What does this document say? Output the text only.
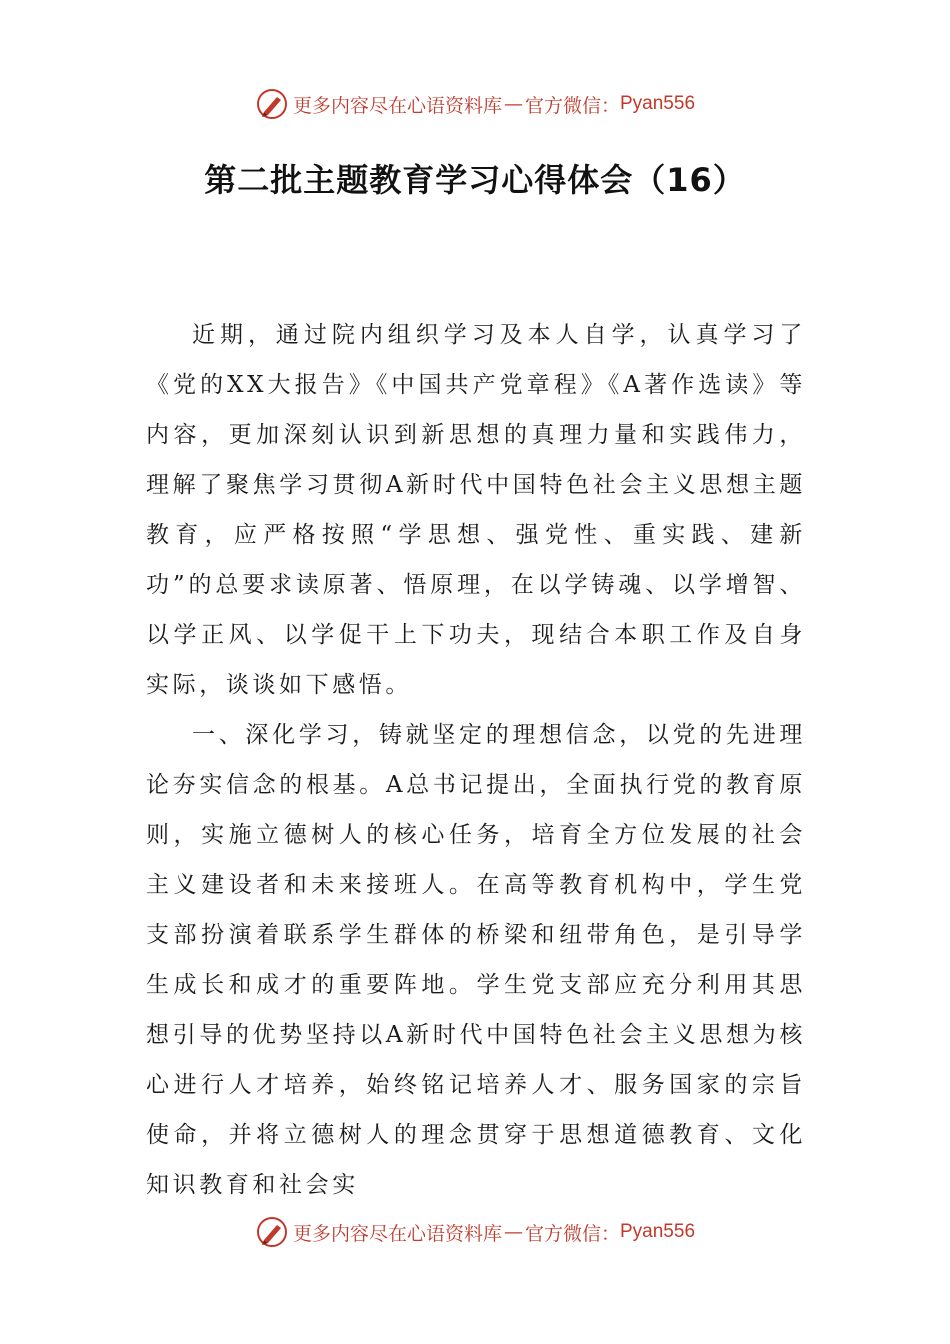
更多内容尽在心语资料库 — 官方微信： Pyan556
第二批主题教育学习心得体会（16）

近期，通过院内组织学习及本人自学，认真学习了《党的XX大报告》《中国共产党章程》《A著作选读》等内容，更加深刻认识到新思想的真理力量和实践伟力，理解了聚焦学习贯彻A新时代中国特色社会主义思想主题教育，应严格按照“学思想、强党性、重实践、建新功”的总要求读原著、悟原理，在以学铸魂、以学增智、以学正风、以学促干上下功夫，现结合本职工作及自身实际，谈谈如下感悟。

一、深化学习，铸就坚定的理想信念，以党的先进理论夯实信念的根基。A总书记提出，全面执行党的教育原则，实施立德树人的核心任务，培育全方位发展的社会主义建设者和未来接班人。在高等教育机构中，学生党支部扮演着联系学生群体的桥梁和纽带角色，是引导学生成长和成才的重要阵地。学生党支部应充分利用其思想引导的优势坚持以A新时代中国特色社会主义思想为核心进行人才培养，始终铭记培养人才、服务国家的宗旨使命，并将立德树人的理念贯穿于思想道德教育、文化知识教育和社会实

更多内容尽在心语资料库 — 官方微信： Pyan556
